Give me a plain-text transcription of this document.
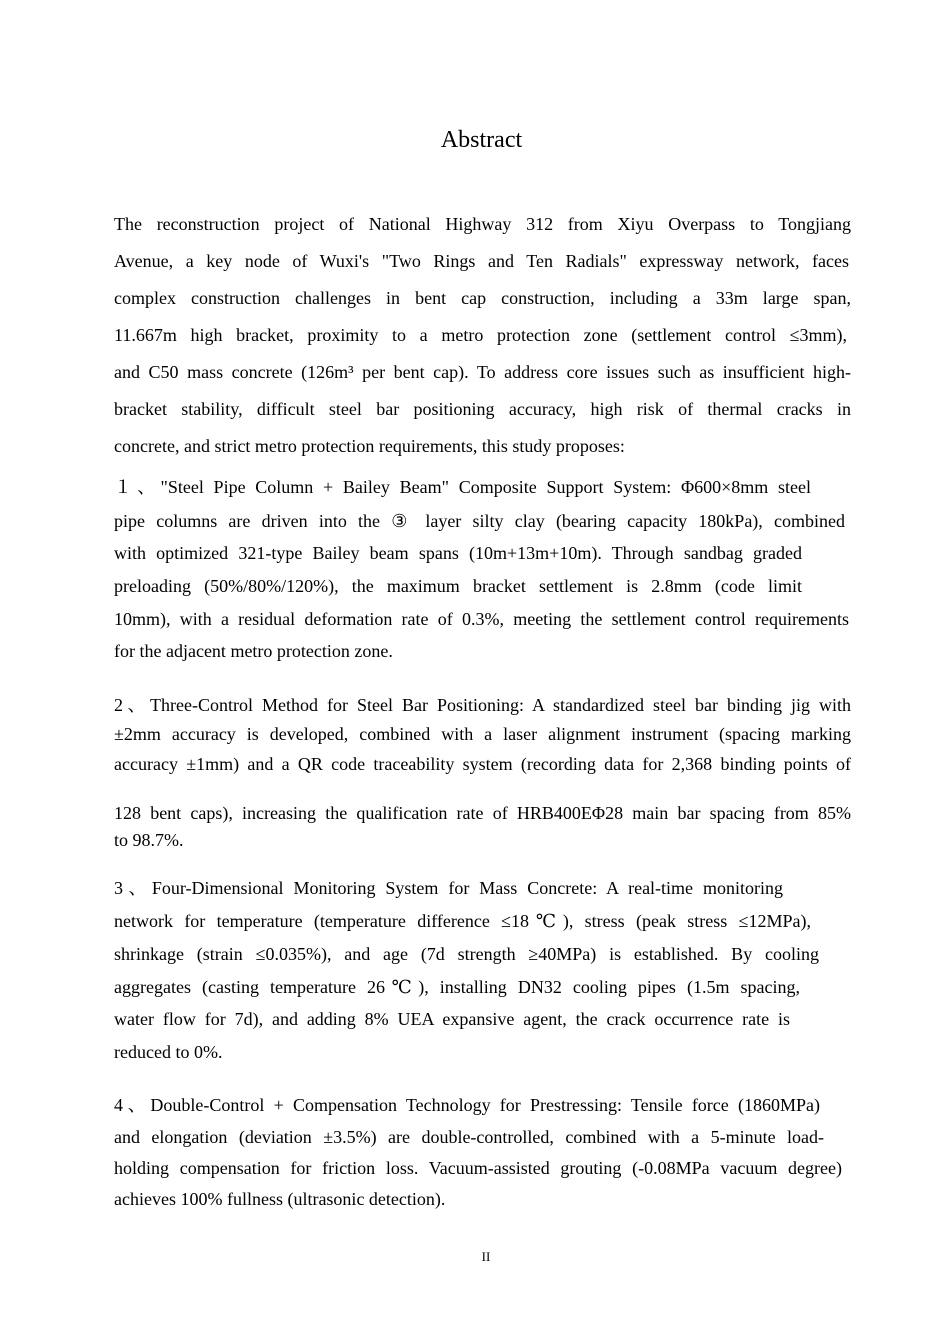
Abstract
The reconstruction project of National Highway 312 from Xiyu Overpass to Tongjiang
Avenue, a key node of Wuxi's "Two Rings and Ten Radials" expressway network, faces
complex construction challenges in bent cap construction, including a 33m large span,
11.667m high bracket, proximity to a metro protection zone (settlement control ≤3mm),
and C50 mass concrete (126m³ per bent cap). To address core issues such as insufficient high-
bracket stability, difficult steel bar positioning accuracy, high risk of thermal cracks in
concrete, and strict metro protection requirements, this study proposes:
１、"Steel Pipe Column + Bailey Beam" Composite Support System: Φ600×8mm steel
pipe columns are driven into the ③ layer silty clay (bearing capacity 180kPa), combined
with optimized 321-type Bailey beam spans (10m+13m+10m). Through sandbag graded
preloading (50%/80%/120%), the maximum bracket settlement is 2.8mm (code limit
10mm), with a residual deformation rate of 0.3%, meeting the settlement control requirements
for the adjacent metro protection zone.
2、Three-Control Method for Steel Bar Positioning: A standardized steel bar binding jig with
±2mm accuracy is developed, combined with a laser alignment instrument (spacing marking
accuracy ±1mm) and a QR code traceability system (recording data for 2,368 binding points of
128 bent caps), increasing the qualification rate of HRB400EΦ28 main bar spacing from 85%
to 98.7%.
3、Four-Dimensional Monitoring System for Mass Concrete: A real-time monitoring
network for temperature (temperature difference ≤18℃), stress (peak stress ≤12MPa),
shrinkage (strain ≤0.035%), and age (7d strength ≥40MPa) is established. By cooling
aggregates (casting temperature 26℃), installing DN32 cooling pipes (1.5m spacing,
water flow for 7d), and adding 8% UEA expansive agent, the crack occurrence rate is
reduced to 0%.
4、Double-Control + Compensation Technology for Prestressing: Tensile force (1860MPa)
and elongation (deviation ±3.5%) are double-controlled, combined with a 5-minute load-
holding compensation for friction loss. Vacuum-assisted grouting (-0.08MPa vacuum degree)
achieves 100% fullness (ultrasonic detection).
II
